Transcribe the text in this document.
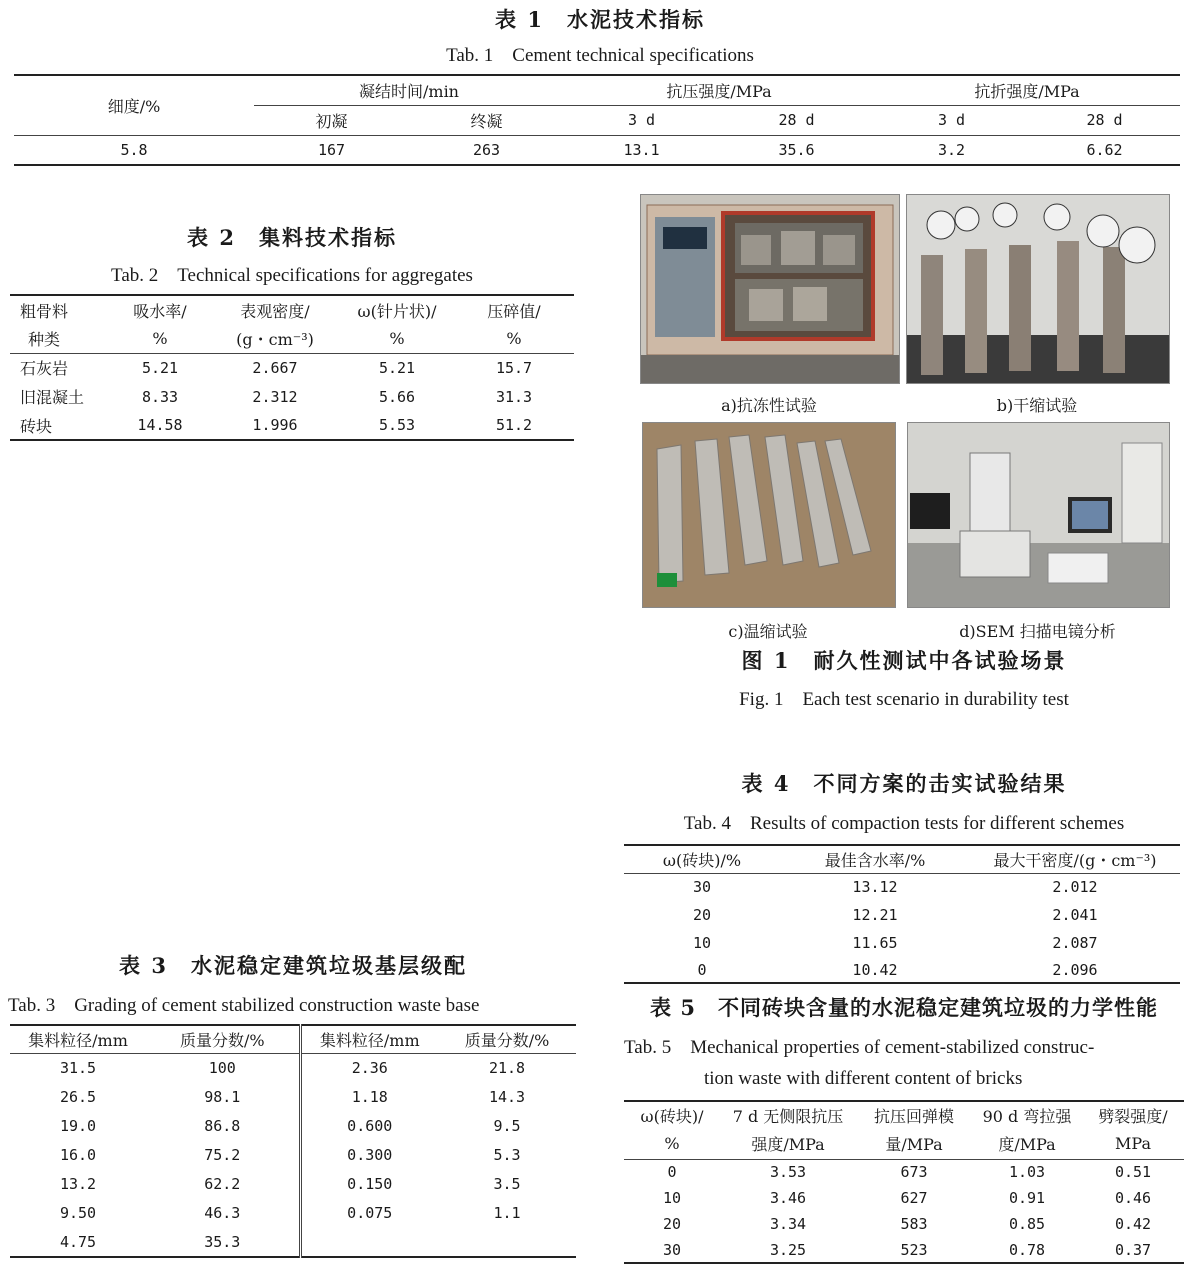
表 1　水泥技术指标
Tab. 1　Cement technical specifications
细度/%	凝结时间/min		抗压强度/MPa		抗折强度/MPa	
	初凝	终凝	3 d	28 d	3 d	28 d
5.8	167	263	13.1	35.6	3.2	6.62
表 2　集料技术指标
Tab. 2　Technical specifications for aggregates
粗骨料	吸水率/	表观密度/	ω(针片状)/	压碎值/
种类	%	(g・cm⁻³)	%	%
石灰岩	5.21	2.667	5.21	15.7
旧混凝土	8.33	2.312	5.66	31.3
砖块	14.58	1.996	5.53	51.2
a)抗冻性试验	b)干缩试验
c)温缩试验	d)SEM 扫描电镜分析
图 1　耐久性测试中各试验场景
Fig. 1　Each test scenario in durability test
表 4　不同方案的击实试验结果
Tab. 4　Results of compaction tests for different schemes
ω(砖块)/%	最佳含水率/%	最大干密度/(g・cm⁻³)
30	13.12	2.012
20	12.21	2.041
10	11.65	2.087
0	10.42	2.096
表 3　水泥稳定建筑垃圾基层级配
Tab. 3　Grading of cement stabilized construction waste base
集料粒径/mm	质量分数/%	集料粒径/mm	质量分数/%
31.5	100	2.36	21.8
26.5	98.1	1.18	14.3
19.0	86.8	0.600	9.5
16.0	75.2	0.300	5.3
13.2	62.2	0.150	3.5
9.50	46.3	0.075	1.1
4.75	35.3		
表 5　不同砖块含量的水泥稳定建筑垃圾的力学性能
Tab. 5　Mechanical properties of cement-stabilized construc-
tion waste with different content of bricks
ω(砖块)/	7 d 无侧限抗压	抗压回弹模	90 d 弯拉强	劈裂强度/
%	强度/MPa	量/MPa	度/MPa	MPa
0	3.53	673	1.03	0.51
10	3.46	627	0.91	0.46
20	3.34	583	0.85	0.42
30	3.25	523	0.78	0.37
